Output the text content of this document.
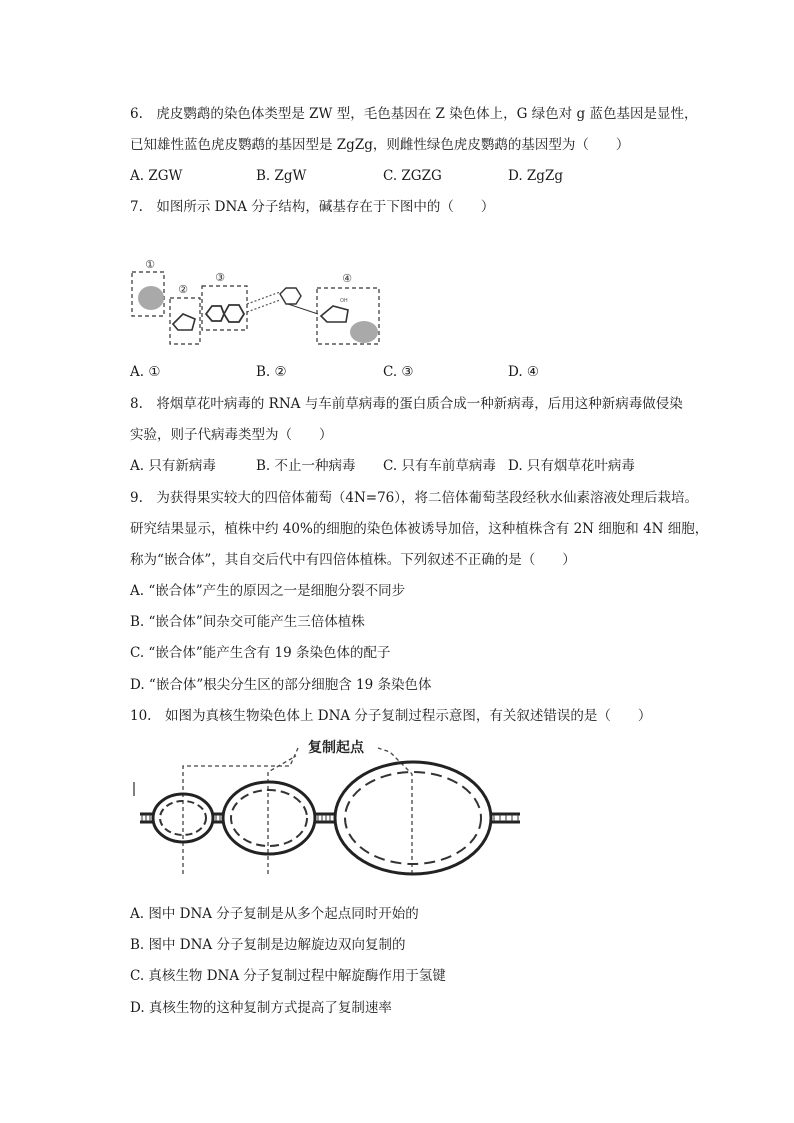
6.　虎皮鹦鹉的染色体类型是 ZW 型，毛色基因在 Z 染色体上，G 绿色对 g 蓝色基因是显性，
已知雄性蓝色虎皮鹦鹉的基因型是 ZgZg，则雌性绿色虎皮鹦鹉的基因型为（　　）
A. ZGW	B. ZgW	C. ZGZG	D. ZgZg
7.　如图所示 DNA 分子结构，碱基存在于下图中的（　　）
①
②
③
OH
④
A. ①	B. ②	C. ③	D. ④
8.　将烟草花叶病毒的 RNA 与车前草病毒的蛋白质合成一种新病毒，后用这种新病毒做侵染
实验，则子代病毒类型为（　　）
A. 只有新病毒	B. 不止一种病毒 C. 只有车前草病毒 D. 只有烟草花叶病毒
9.　为获得果实较大的四倍体葡萄（4N=76），将二倍体葡萄茎段经秋水仙素溶液处理后栽培。
研究结果显示，植株中约 40%的细胞的染色体被诱导加倍，这种植株含有 2N 细胞和 4N 细胞，
称为“嵌合体”，其自交后代中有四倍体植株。下列叙述不正确的是（　　）
A. “嵌合体”产生的原因之一是细胞分裂不同步
B. “嵌合体”间杂交可能产生三倍体植株
C. “嵌合体”能产生含有 19 条染色体的配子
D. “嵌合体”根尖分生区的部分细胞含 19 条染色体
10.　如图为真核生物染色体上 DNA 分子复制过程示意图，有关叙述错误的是（　　）
复制起点
A. 图中 DNA 分子复制是从多个起点同时开始的
B. 图中 DNA 分子复制是边解旋边双向复制的
C. 真核生物 DNA 分子复制过程中解旋酶作用于氢键
D. 真核生物的这种复制方式提高了复制速率
